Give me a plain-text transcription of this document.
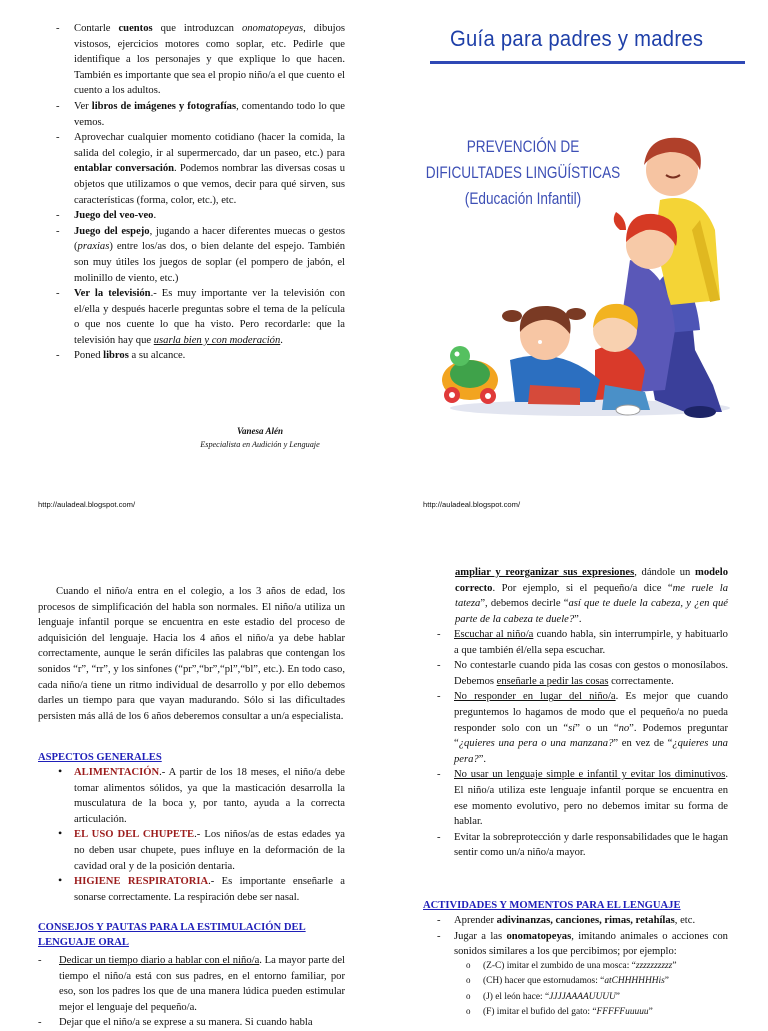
- Contarle cuentos que introduzcan onomatopeyas, dibujos vistosos, ejercicios motores como soplar, etc. Pedirle que identifique a los personajes y que explique lo que hacen. También es importante que sea el propio niño/a el que cuento el cuento a los adultos.
- Ver libros de imágenes y fotografías, comentando todo lo que vemos.
- Aprovechar cualquier momento cotidiano (hacer la comida, la salida del colegio, ir al supermercado, dar un paseo, etc.) para entablar conversación. Podemos nombrar las diversas cosas u objetos que utilizamos o que vemos, decir para qué sirven, sus características (forma, color, etc.), etc.
- Juego del veo-veo.
- Juego del espejo, jugando a hacer diferentes muecas o gestos (praxias) entre los/as dos, o bien delante del espejo. También son muy útiles los juegos de soplar (el pompero de jabón, el molinillo de viento, etc.)
- Ver la televisión.- Es muy importante ver la televisión con el/ella y después hacerle preguntas sobre el tema de la película o que nos cuente lo que ha visto. Pero recordarle: que la televisión hay que usarla bien y con moderación.
- Poned libros a su alcance.
Vanesa Alén
Especialista en Audición y Lenguaje
http://auladeal.blogspot.com/
Guía para padres y madres
PREVENCIÓN DE
DIFICULTADES LINGÜÍSTICAS
(Educación Infantil)
http://auladeal.blogspot.com/
Cuando el niño/a entra en el colegio, a los 3 años de edad, los procesos de simplificación del habla son normales. El niño/a utiliza un lenguaje infantil porque se encuentra en este estadio del proceso de adquisición del lenguaje. Hacia los 4 años el niño/a ya debe hablar correctamente, aunque le serán difíciles las palabras que contengan los sonidos “r”, “rr”, y los sinfones (“pr”,“br”,“pl”,“bl”, etc.). En todo caso, cada niño/a tiene un ritmo individual de desarrollo y por ello debemos darles un tiempo para que vayan madurando. Sólo si las dificultades persisten más allá de los 6 años deberemos consultar a un/a especialista.
ASPECTOS GENERALES
• ALIMENTACIÓN.- A partir de los 18 meses, el niño/a debe tomar alimentos sólidos, ya que la masticación desarrolla la musculatura de la boca y, por tanto, ayuda a la correcta articulación.
• EL USO DEL CHUPETE.- Los niños/as de estas edades ya no deben usar chupete, pues influye en la deformación de la cavidad oral y de la posición dentaria.
• HIGIENE RESPIRATORIA.- Es importante enseñarle a sonarse correctamente. La respiración debe ser nasal.
CONSEJOS Y PAUTAS PARA LA ESTIMULACIÓN DEL LENGUAJE ORAL
- Dedicar un tiempo diario a hablar con el niño/a. La mayor parte del tiempo el niño/a está con sus padres, en el entorno familiar, por eso, son los padres los que de una manera lúdica pueden estimular mejor el lenguaje del pequeño/a.
- Dejar que el niño/a se exprese a su manera. Si cuando habla
ampliar y reorganizar sus expresiones, dándole un modelo correcto. Por ejemplo, si el pequeño/a dice “me ruele la tateza”, debemos decirle “así que te duele la cabeza, y ¿en qué parte de la cabeza te duele?”.
- Escuchar al niño/a cuando habla, sin interrumpirle, y habituarlo a que también él/ella sepa escuchar.
- No contestarle cuando pida las cosas con gestos o monosílabos. Debemos enseñarle a pedir las cosas correctamente.
- No responder en lugar del niño/a. Es mejor que cuando preguntemos lo hagamos de modo que el pequeño/a no pueda responder solo con un “sí” o un “no”. Podemos preguntar “¿quieres una pera o una manzana?” en vez de “¿quieres una pera?”.
- No usar un lenguaje simple e infantil y evitar los diminutivos. El niño/a utiliza este lenguaje infantil porque se encuentra en ese momento evolutivo, pero no debemos imitar su forma de hablar.
- Evitar la sobreprotección y darle responsabilidades que le hagan sentir como un/a niño/a mayor.
ACTIVIDADES Y MOMENTOS PARA EL LENGUAJE
- Aprender adivinanzas, canciones, rimas, retahílas, etc.
- Jugar a las onomatopeyas, imitando animales o acciones con sonidos similares a los que percibimos; por ejemplo:
o (Z-C) imitar el zumbido de una mosca: “zzzzzzzzzz”
o (CH) hacer que estornudamos: “atCHHHHHHis”
o (J) el león hace: “JJJJAAAAUUUU”
o (F) imitar el bufido del gato: “FFFFFuuuuu”
